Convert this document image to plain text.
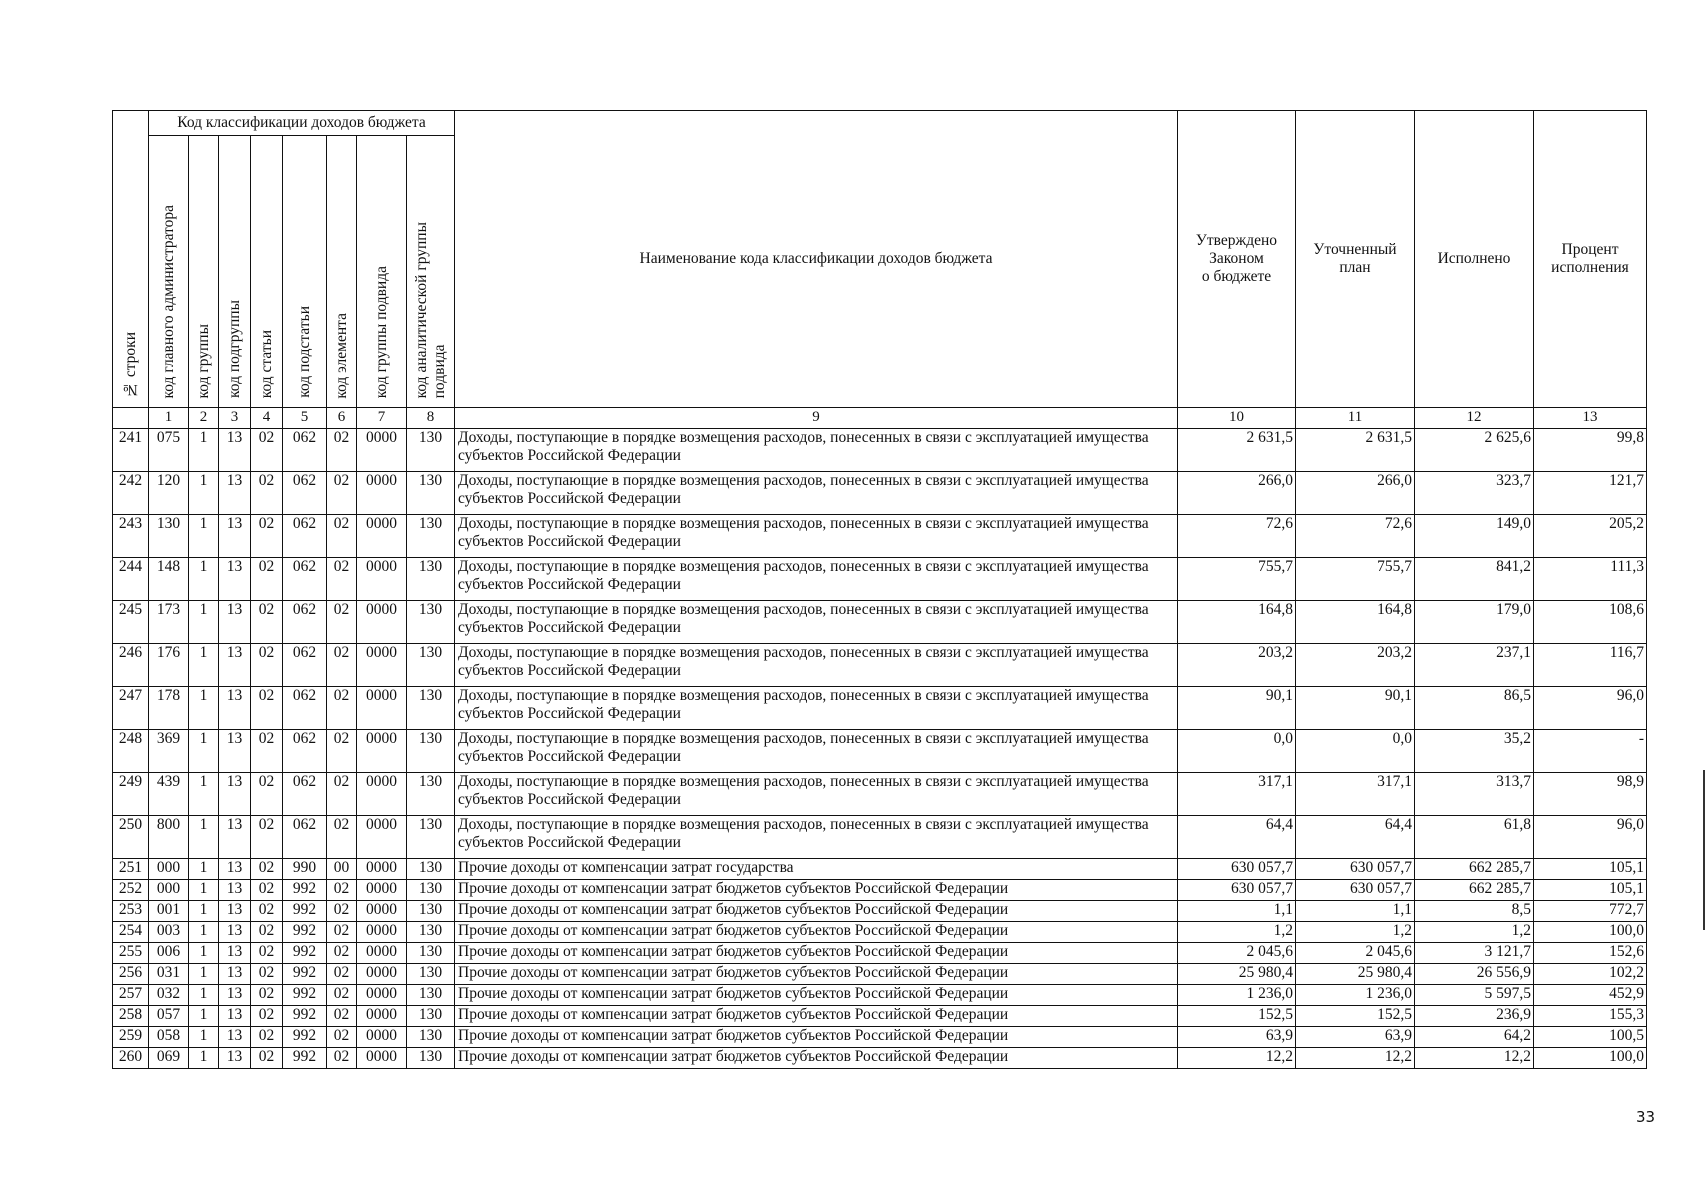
№ строки	Код классификации доходов бюджета								Наименование кода классификации доходов бюджета	Утверждено
Законом
о бюджете	Уточненный
план	Исполнено	Процент
исполнения
	код главного администратора	код группы	код подгруппы	код статьи	код подстатьи	код элемента	код группы подвида	код аналитической группы
подвида					
	1	2	3	4	5	6	7	8	9	10	11	12	13
241	075	1	13	02	062	02	0000	130	Доходы, поступающие в порядке возмещения расходов, понесенных в связи с эксплуатацией имущества субъектов Российской Федерации	2 631,5	2 631,5	2 625,6	99,8
242	120	1	13	02	062	02	0000	130	Доходы, поступающие в порядке возмещения расходов, понесенных в связи с эксплуатацией имущества субъектов Российской Федерации	266,0	266,0	323,7	121,7
243	130	1	13	02	062	02	0000	130	Доходы, поступающие в порядке возмещения расходов, понесенных в связи с эксплуатацией имущества субъектов Российской Федерации	72,6	72,6	149,0	205,2
244	148	1	13	02	062	02	0000	130	Доходы, поступающие в порядке возмещения расходов, понесенных в связи с эксплуатацией имущества субъектов Российской Федерации	755,7	755,7	841,2	111,3
245	173	1	13	02	062	02	0000	130	Доходы, поступающие в порядке возмещения расходов, понесенных в связи с эксплуатацией имущества субъектов Российской Федерации	164,8	164,8	179,0	108,6
246	176	1	13	02	062	02	0000	130	Доходы, поступающие в порядке возмещения расходов, понесенных в связи с эксплуатацией имущества субъектов Российской Федерации	203,2	203,2	237,1	116,7
247	178	1	13	02	062	02	0000	130	Доходы, поступающие в порядке возмещения расходов, понесенных в связи с эксплуатацией имущества субъектов Российской Федерации	90,1	90,1	86,5	96,0
248	369	1	13	02	062	02	0000	130	Доходы, поступающие в порядке возмещения расходов, понесенных в связи с эксплуатацией имущества субъектов Российской Федерации	0,0	0,0	35,2	-
249	439	1	13	02	062	02	0000	130	Доходы, поступающие в порядке возмещения расходов, понесенных в связи с эксплуатацией имущества субъектов Российской Федерации	317,1	317,1	313,7	98,9
250	800	1	13	02	062	02	0000	130	Доходы, поступающие в порядке возмещения расходов, понесенных в связи с эксплуатацией имущества субъектов Российской Федерации	64,4	64,4	61,8	96,0
251	000	1	13	02	990	00	0000	130	Прочие доходы от компенсации затрат государства	630 057,7	630 057,7	662 285,7	105,1
252	000	1	13	02	992	02	0000	130	Прочие доходы от компенсации затрат бюджетов субъектов Российской Федерации	630 057,7	630 057,7	662 285,7	105,1
253	001	1	13	02	992	02	0000	130	Прочие доходы от компенсации затрат бюджетов субъектов Российской Федерации	1,1	1,1	8,5	772,7
254	003	1	13	02	992	02	0000	130	Прочие доходы от компенсации затрат бюджетов субъектов Российской Федерации	1,2	1,2	1,2	100,0
255	006	1	13	02	992	02	0000	130	Прочие доходы от компенсации затрат бюджетов субъектов Российской Федерации	2 045,6	2 045,6	3 121,7	152,6
256	031	1	13	02	992	02	0000	130	Прочие доходы от компенсации затрат бюджетов субъектов Российской Федерации	25 980,4	25 980,4	26 556,9	102,2
257	032	1	13	02	992	02	0000	130	Прочие доходы от компенсации затрат бюджетов субъектов Российской Федерации	1 236,0	1 236,0	5 597,5	452,9
258	057	1	13	02	992	02	0000	130	Прочие доходы от компенсации затрат бюджетов субъектов Российской Федерации	152,5	152,5	236,9	155,3
259	058	1	13	02	992	02	0000	130	Прочие доходы от компенсации затрат бюджетов субъектов Российской Федерации	63,9	63,9	64,2	100,5
260	069	1	13	02	992	02	0000	130	Прочие доходы от компенсации затрат бюджетов субъектов Российской Федерации	12,2	12,2	12,2	100,0
33
